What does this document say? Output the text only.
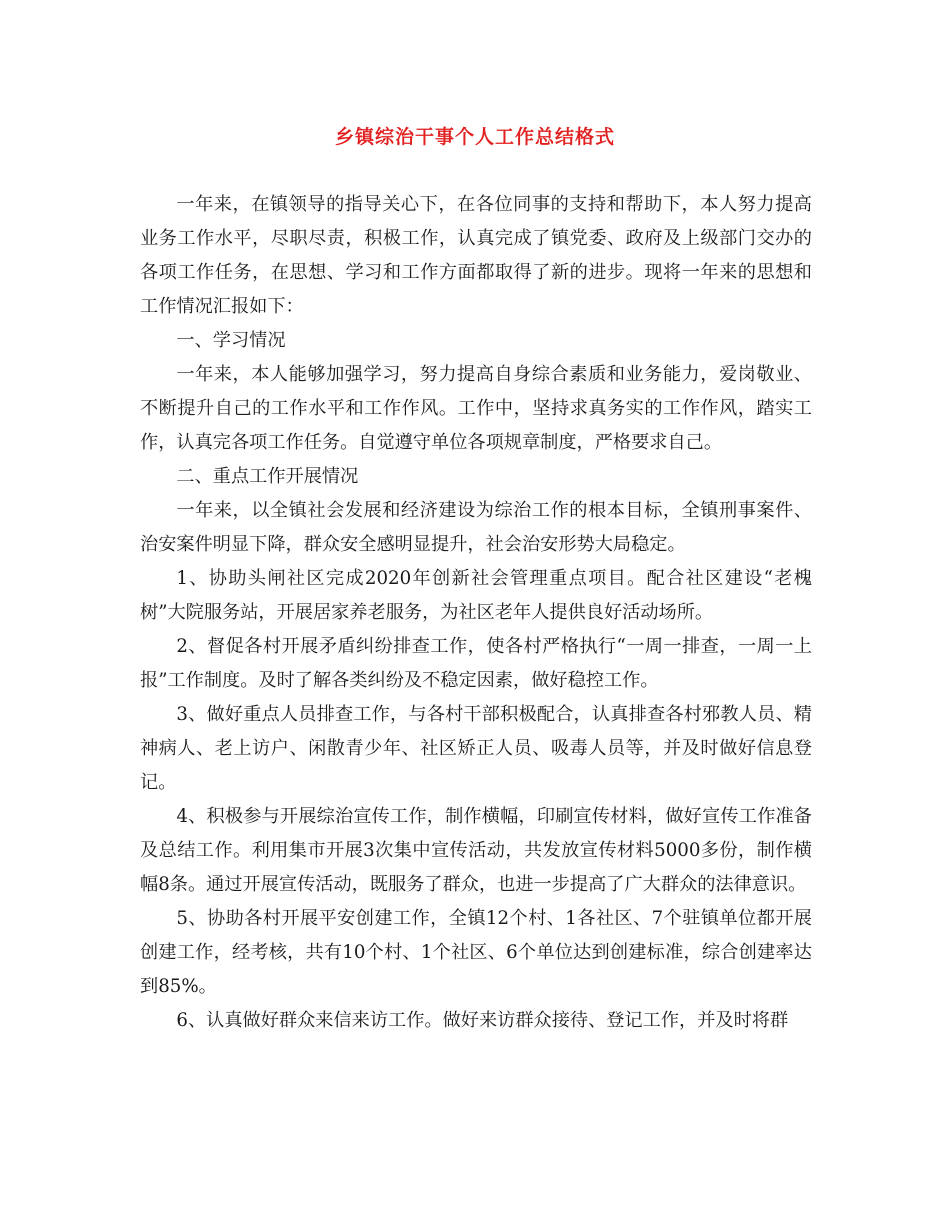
乡镇综治干事个人工作总结格式

一年来，在镇领导的指导关心下，在各位同事的支持和帮助下，本人努力提高业务工作水平，尽职尽责，积极工作，认真完成了镇党委、政府及上级部门交办的各项工作任务，在思想、学习和工作方面都取得了新的进步。现将一年来的思想和工作情况汇报如下：

一、学习情况

一年来，本人能够加强学习，努力提高自身综合素质和业务能力，爱岗敬业、不断提升自己的工作水平和工作作风。工作中，坚持求真务实的工作作风，踏实工作，认真完各项工作任务。自觉遵守单位各项规章制度，严格要求自己。

二、重点工作开展情况

一年来，以全镇社会发展和经济建设为综治工作的根本目标，全镇刑事案件、治安案件明显下降，群众安全感明显提升，社会治安形势大局稳定。

1、协助头闸社区完成2020年创新社会管理重点项目。配合社区建设“老槐树”大院服务站，开展居家养老服务，为社区老年人提供良好活动场所。

2、督促各村开展矛盾纠纷排查工作，使各村严格执行“一周一排查，一周一上报”工作制度。及时了解各类纠纷及不稳定因素，做好稳控工作。

3、做好重点人员排查工作，与各村干部积极配合，认真排查各村邪教人员、精神病人、老上访户、闲散青少年、社区矫正人员、吸毒人员等，并及时做好信息登记。

4、积极参与开展综治宣传工作，制作横幅，印刷宣传材料，做好宣传工作准备及总结工作。利用集市开展3次集中宣传活动，共发放宣传材料5000多份，制作横幅8条。通过开展宣传活动，既服务了群众，也进一步提高了广大群众的法律意识。

5、协助各村开展平安创建工作，全镇12个村、1各社区、7个驻镇单位都开展创建工作，经考核，共有10个村、1个社区、6个单位达到创建标准，综合创建率达到85%。

6、认真做好群众来信来访工作。做好来访群众接待、登记工作，并及时将群
